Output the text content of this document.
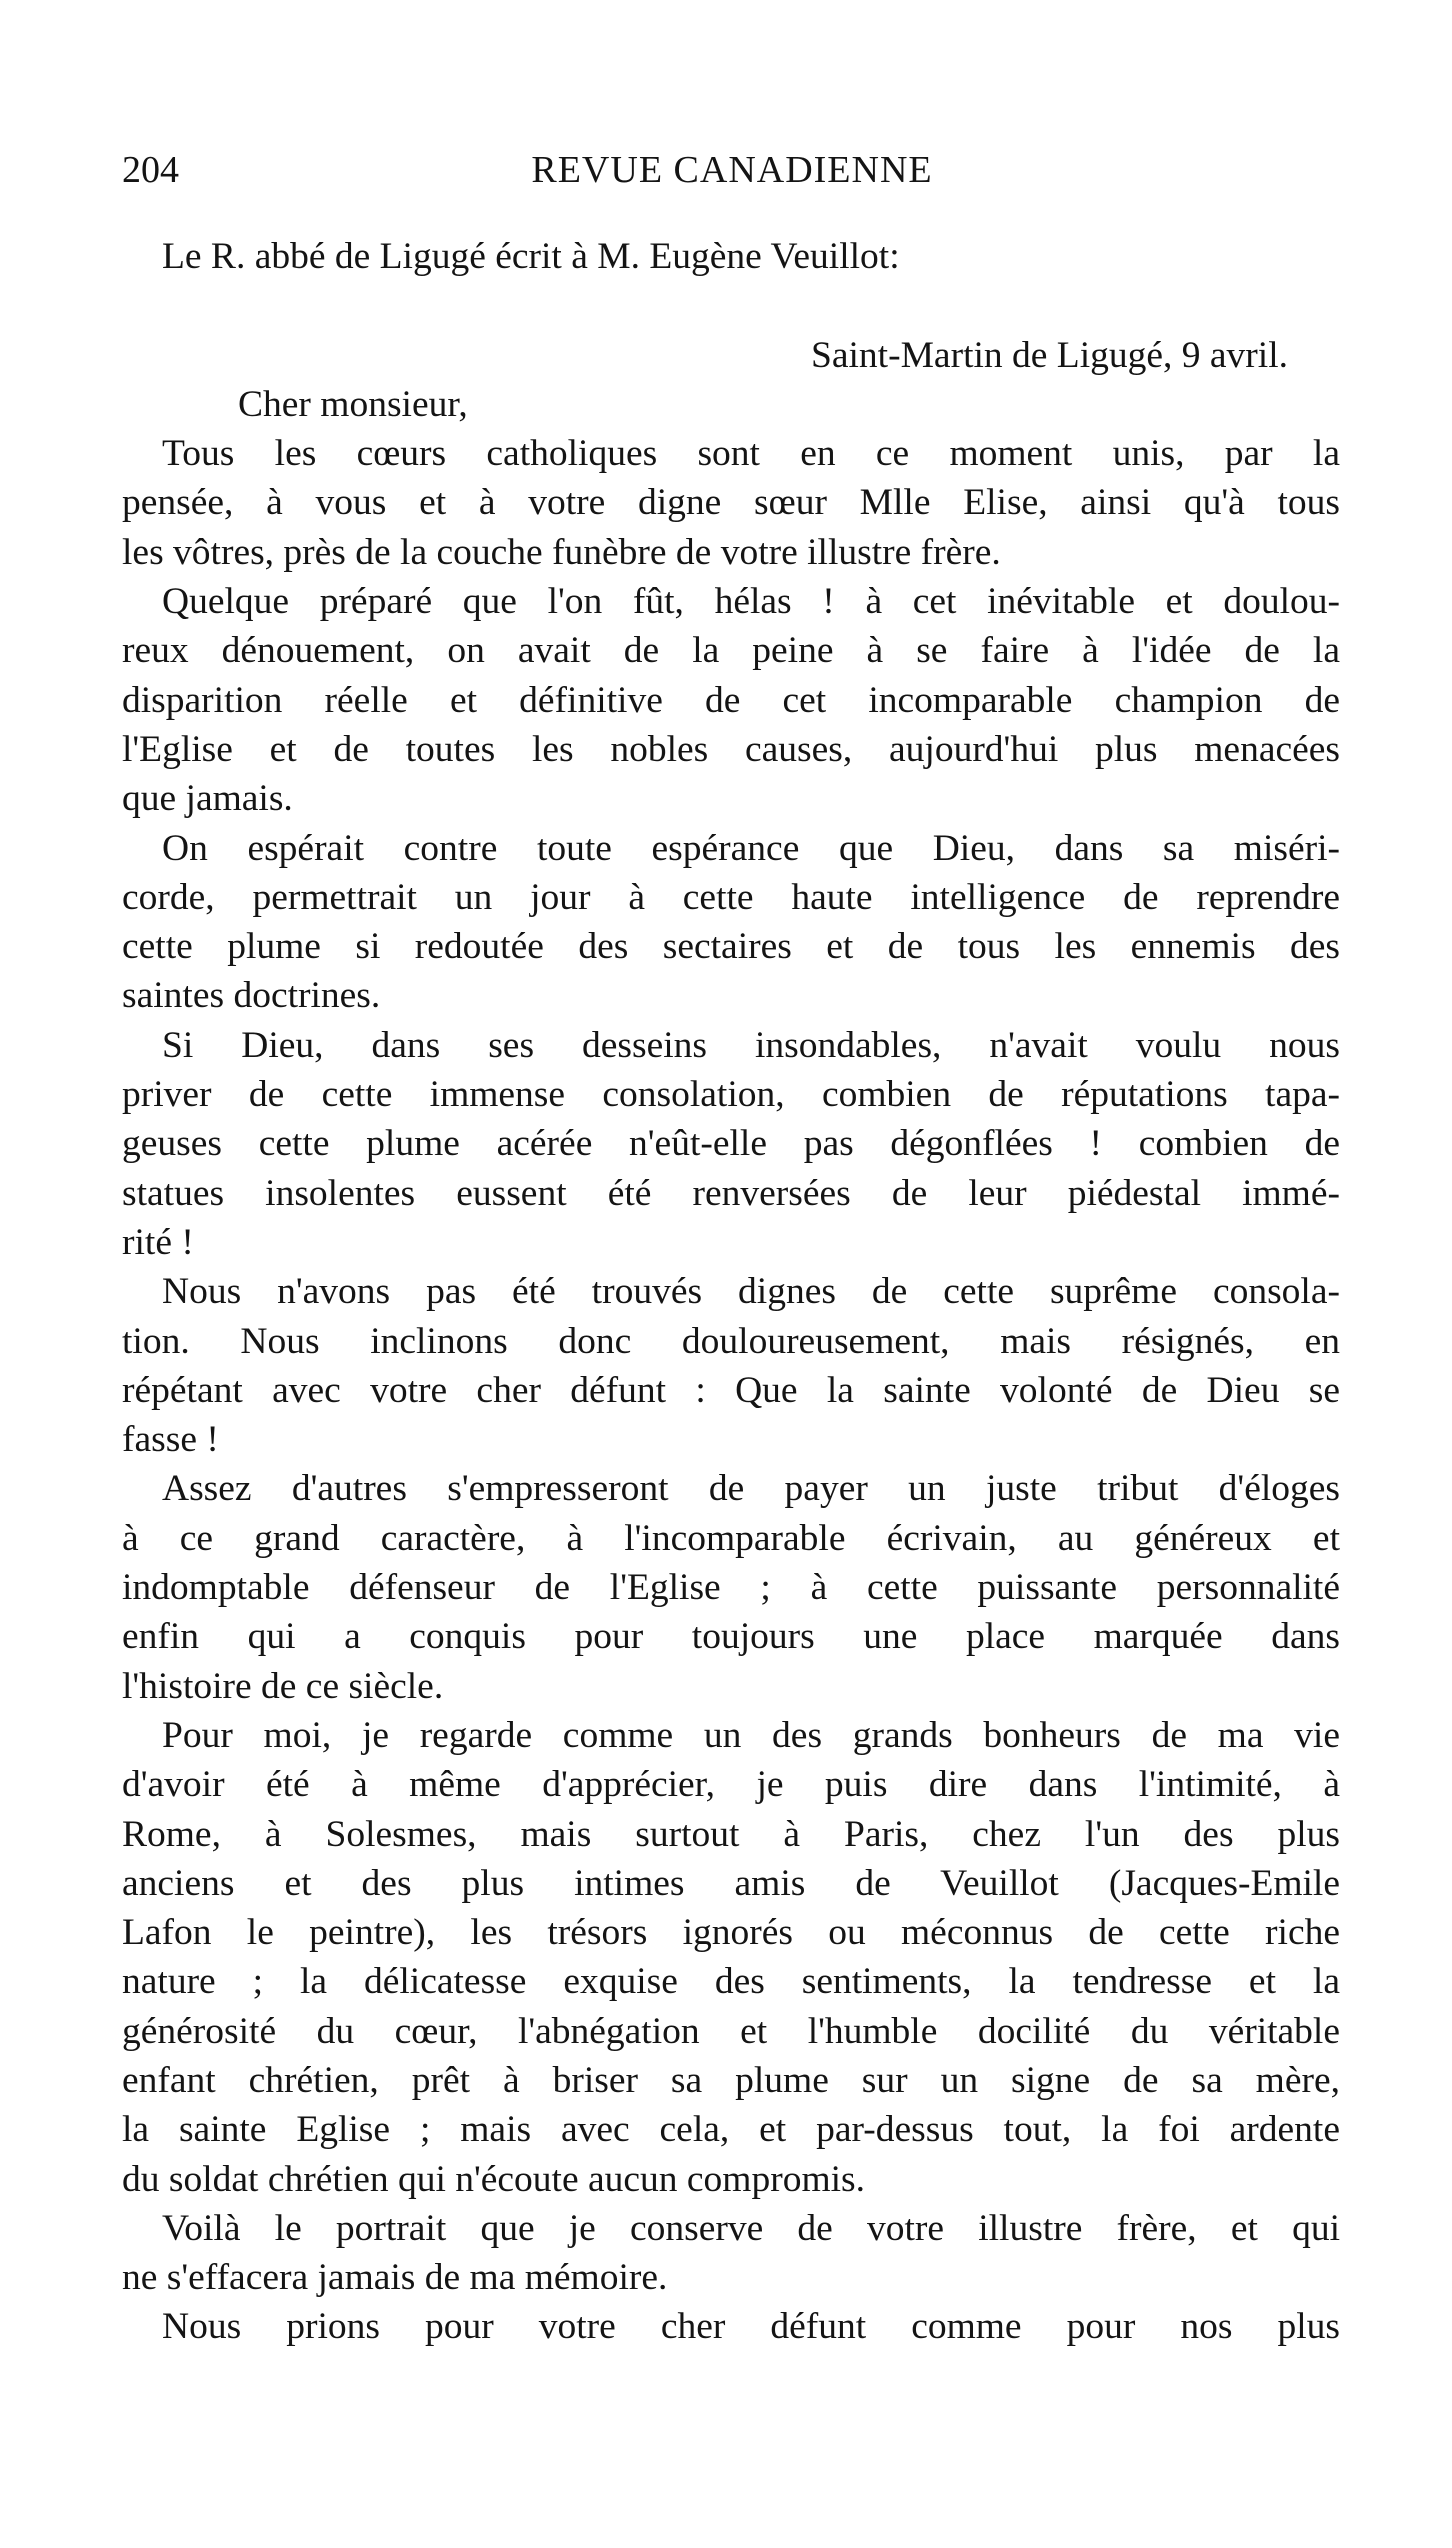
204	REVUE CANADIENNE
Le R. abbé de Ligugé écrit à M. Eugène Veuillot:
Saint-Martin de Ligugé, 9 avril.
Cher monsieur,
Tous les cœurs catholiques sont en ce moment unis, par la
pensée, à vous et à votre digne sœur Mlle Elise, ainsi qu'à tous
les vôtres, près de la couche funèbre de votre illustre frère.
Quelque préparé que l'on fût, hélas ! à cet inévitable et doulou-
reux dénouement, on avait de la peine à se faire à l'idée de la
disparition réelle et définitive de cet incomparable champion de
l'Eglise et de toutes les nobles causes, aujourd'hui plus menacées
que jamais.
On espérait contre toute espérance que Dieu, dans sa miséri-
corde, permettrait un jour à cette haute intelligence de reprendre
cette plume si redoutée des sectaires et de tous les ennemis des
saintes doctrines.
Si Dieu, dans ses desseins insondables, n'avait voulu nous
priver de cette immense consolation, combien de réputations tapa-
geuses cette plume acérée n'eût-elle pas dégonflées ! combien de
statues insolentes eussent été renversées de leur piédestal immé-
rité !
Nous n'avons pas été trouvés dignes de cette suprême consola-
tion. Nous inclinons donc douloureusement, mais résignés, en
répétant avec votre cher défunt : Que la sainte volonté de Dieu se
fasse !
Assez d'autres s'empresseront de payer un juste tribut d'éloges
à ce grand caractère, à l'incomparable écrivain, au généreux et
indomptable défenseur de l'Eglise ; à cette puissante personnalité
enfin qui a conquis pour toujours une place marquée dans
l'histoire de ce siècle.
Pour moi, je regarde comme un des grands bonheurs de ma vie
d'avoir été à même d'apprécier, je puis dire dans l'intimité, à
Rome, à Solesmes, mais surtout à Paris, chez l'un des plus
anciens et des plus intimes amis de Veuillot (Jacques-Emile
Lafon le peintre), les trésors ignorés ou méconnus de cette riche
nature ; la délicatesse exquise des sentiments, la tendresse et la
générosité du cœur, l'abnégation et l'humble docilité du véritable
enfant chrétien, prêt à briser sa plume sur un signe de sa mère,
la sainte Eglise ; mais avec cela, et par-dessus tout, la foi ardente
du soldat chrétien qui n'écoute aucun compromis.
Voilà le portrait que je conserve de votre illustre frère, et qui
ne s'effacera jamais de ma mémoire.
Nous prions pour votre cher défunt comme pour nos plus
